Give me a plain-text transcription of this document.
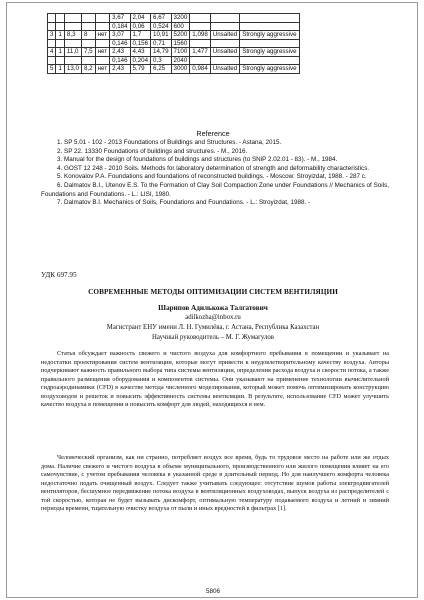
					3,67	2,04	6,67	3200			
					0,184	0,06	0,524	600			
3	1	8,3	8	нет	3,07	1,7	10,91	5200	1,098	Unsalted	Strongly aggressive
					0,146	0,156	0,71	1560			
4	1	11,0	7,5	нет	2,43	4,43	14,79	7100	1,477	Unsalted	Strongly aggressive
					0,146	0,204	0,3	2040			
5	1	13,0	8,2	нет	2,43	5,79	6,25	3000	0,984	Unsalted	Strongly aggressive
Reference

1. SP 5.01 - 102 - 2013 Foundations of Buildings and Structures. - Astana, 2015.

2. SP 22. 13330 Foundations of buildings and structures. - M., 2016.

3. Manual for the design of foundations of buildings and structures (to SNiP 2.02.01 - 83). - M., 1984.

4. GOST 12 248 - 2010 Soils. Methods for laboratory determination of strength and deformability characteristics.

5. Konovalov P.A. Foundations and foundations of reconstructed buildings. - Moscow: Stroyizdat, 1988. - 287 c.

6. Dalmatov B.I., Utenov E.S. To the Formation of Clay Soil Compaction Zone under Foundations // Mechanics of Soils, Foundations and Foundations. - L.: LISI, 1980.

7. Dalmatov B.I. Mechanics of Soils, Foundations and Foundations. - L.: Stroyizdat, 1988. -

УДК 697.95
СОВРЕМЕННЫЕ МЕТОДЫ ОПТИМИЗАЦИИ СИСТЕМ ВЕНТИЛЯЦИИ
Шарипов Адилькожа Талгатович
adilkozha@inbox.ru
Магистрант ЕНУ имени Л. Н. Гумилёва, г. Астана, Республика Казахстан
Научный руководитель – М. Г. Жумагулов

Статья обсуждает важность свежего и чистого воздуха для комфортного пребывания в помещении и указывает на недостатки проектирования систем вентиляции, которые могут привести к неудовлетворительному качеству воздуха. Авторы подчеркивают важность правильного выбора типа системы вентиляции, определения расхода воздуха и скорости потока, а также правильного размещения оборудования и компонентов системы. Они указывают на применение технологии вычислительной гидроаэродинамики (CFD) в качестве метода численного моделирования, который может помочь оптимизировать конструкцию воздуховодов и решеток и повысить эффективность системы вентиляции. В результате, использование CFD может улучшить качество воздуха в помещении и повысить комфорт для людей, находящихся в нем.

Человеческий организм, как ни странно, потребляет воздух все время, будь то трудовое место на работе или же отдых дома. Наличие свежего и чистого воздуха в объеме муниципального, производственного или жилого помещения влияет на его самочувствие, с учетом пребывания человека в указанной среде в длительный период. Но для наилучшего комфорта человека недостаточно подать очищенный воздух. Следует также учитывать следующее: отсутствие шумов работы электродвигателей вентиляторов, бесшумное передвижение потока воздуха в вентиляционных воздуховодах, выпуск воздуха из распределителей с той скоростью, которая не будет вызывать дискомфорт, оптимальную температуру подаваемого воздуха и летний и зимний периоды времени, тщательную очистку воздуха от пыли и иных вредностей в фильтрах [1].

5806
